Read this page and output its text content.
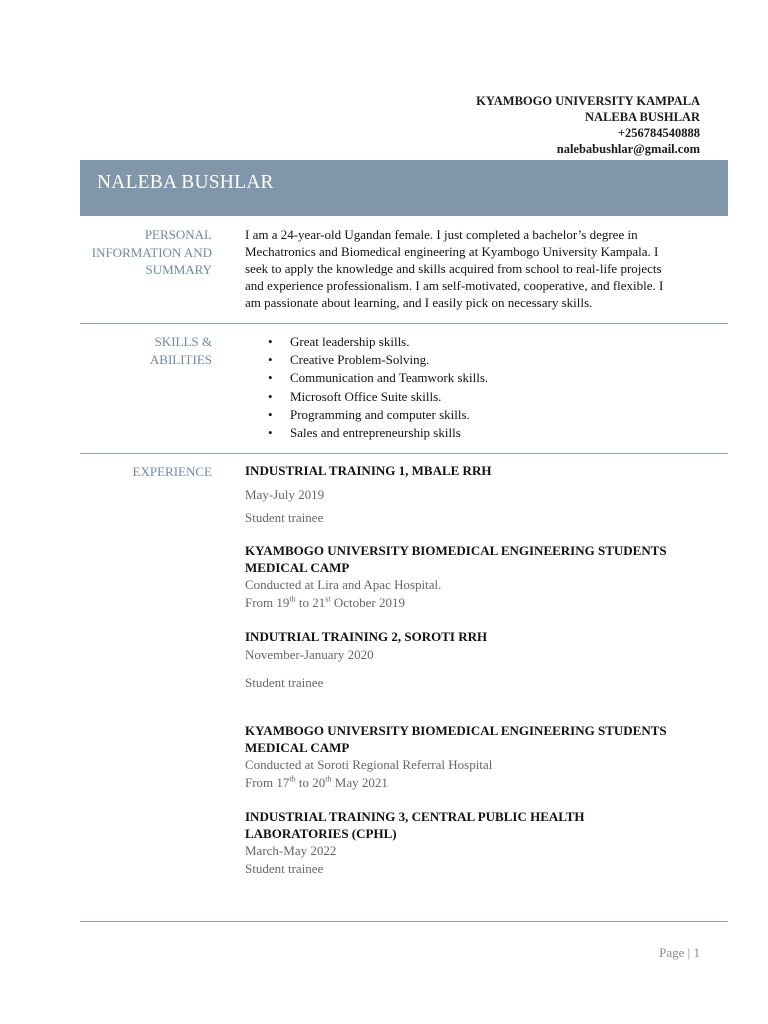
KYAMBOGO UNIVERSITY KAMPALA
NALEBA BUSHLAR
+256784540888
nalebabushlar@gmail.com
NALEBA BUSHLAR
PERSONAL
INFORMATION AND
SUMMARY
I am a 24-year-old Ugandan female. I just completed a bachelor’s degree in
Mechatronics and Biomedical engineering at Kyambogo University Kampala. I
seek to apply the knowledge and skills acquired from school to real-life projects
and experience professionalism. I am self-motivated, cooperative, and flexible. I
am passionate about learning, and I easily pick on necessary skills.
SKILLS &
ABILITIES
• Great leadership skills.
• Creative Problem-Solving.
• Communication and Teamwork skills.
• Microsoft Office Suite skills.
• Programming and computer skills.
• Sales and entrepreneurship skills
EXPERIENCE	INDUSTRIAL TRAINING 1, MBALE RRH
May-July 2019
Student trainee
KYAMBOGO UNIVERSITY BIOMEDICAL ENGINEERING STUDENTS
MEDICAL CAMP
Conducted at Lira and Apac Hospital.
From 19th to 21st October 2019
INDUTRIAL TRAINING 2, SOROTI RRH
November-January 2020
Student trainee
KYAMBOGO UNIVERSITY BIOMEDICAL ENGINEERING STUDENTS
MEDICAL CAMP
Conducted at Soroti Regional Referral Hospital
From 17th to 20th May 2021
INDUSTRIAL TRAINING 3, CENTRAL PUBLIC HEALTH
LABORATORIES (CPHL)
March-May 2022
Student trainee
Page | 1
